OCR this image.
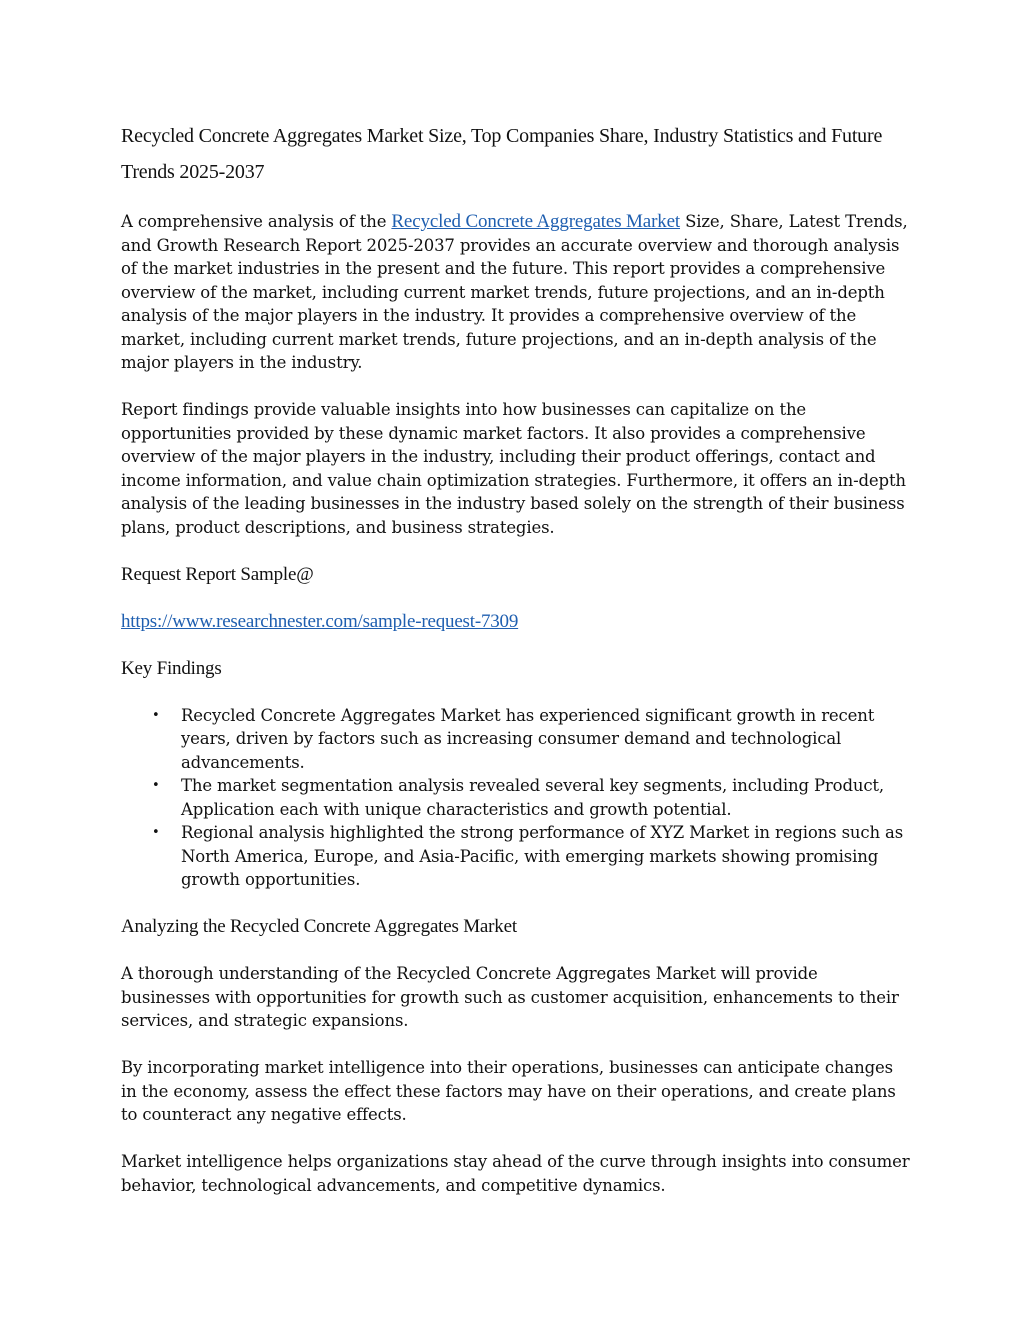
Recycled Concrete Aggregates Market Size, Top Companies Share, Industry Statistics and Future Trends 2025-2037

A comprehensive analysis of the Recycled Concrete Aggregates Market Size, Share, Latest Trends, and Growth Research Report 2025-2037 provides an accurate overview and thorough analysis of the market industries in the present and the future. This report provides a comprehensive overview of the market, including current market trends, future projections, and an in-depth analysis of the major players in the industry. It provides a comprehensive overview of the market, including current market trends, future projections, and an in-depth analysis of the major players in the industry.

Report findings provide valuable insights into how businesses can capitalize on the opportunities provided by these dynamic market factors. It also provides a comprehensive overview of the major players in the industry, including their product offerings, contact and income information, and value chain optimization strategies. Furthermore, it offers an in-depth analysis of the leading businesses in the industry based solely on the strength of their business plans, product descriptions, and business strategies.

Request Report Sample@

https://www.researchnester.com/sample-request-7309

Key Findings

• Recycled Concrete Aggregates Market has experienced significant growth in recent years, driven by factors such as increasing consumer demand and technological advancements.
• The market segmentation analysis revealed several key segments, including Product, Application each with unique characteristics and growth potential.
• Regional analysis highlighted the strong performance of XYZ Market in regions such as North America, Europe, and Asia-Pacific, with emerging markets showing promising growth opportunities.

Analyzing the Recycled Concrete Aggregates Market

A thorough understanding of the Recycled Concrete Aggregates Market will provide businesses with opportunities for growth such as customer acquisition, enhancements to their services, and strategic expansions.

By incorporating market intelligence into their operations, businesses can anticipate changes in the economy, assess the effect these factors may have on their operations, and create plans to counteract any negative effects.

Market intelligence helps organizations stay ahead of the curve through insights into consumer behavior, technological advancements, and competitive dynamics.
